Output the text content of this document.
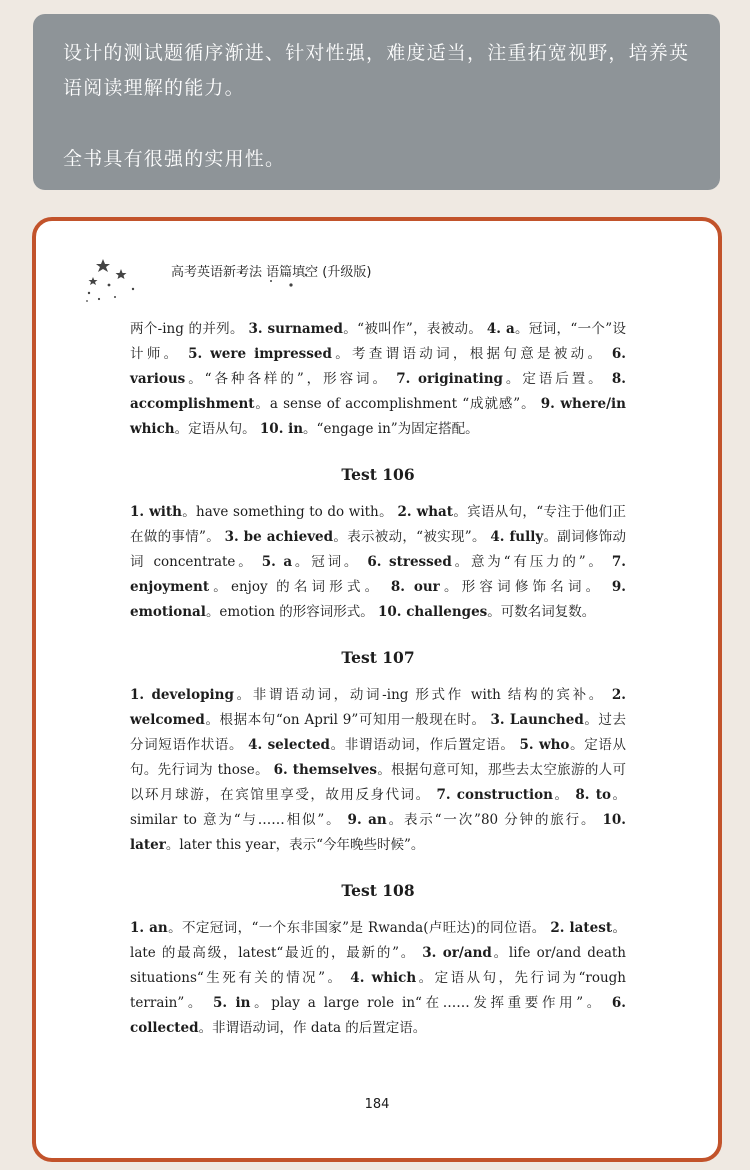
设计的测试题循序渐进、针对性强，难度适当，注重拓宽视野，培养英语阅读理解的能力。

全书具有很强的实用性。

高考英语新考法 语篇填空 (升级版)

两个-ing 的并列。 3. surnamed。“被叫作”，表被动。 4. a。冠词，“一个”设计师。 5. were impressed。考查谓语动词，根据句意是被动。 6. various。“各种各样的”，形容词。 7. originating。定语后置。 8. accomplishment。a sense of accomplishment “成就感”。 9. where/in which。定语从句。 10. in。“engage in”为固定搭配。

Test 106

1. with。have something to do with。 2. what。宾语从句，“专注于他们正在做的事情”。 3. be achieved。表示被动，“被实现”。 4. fully。副词修饰动词 concentrate。 5. a。冠词。 6. stressed。意为“有压力的”。 7. enjoyment。enjoy 的名词形式。 8. our。形容词修饰名词。 9. emotional。emotion 的形容词形式。 10. challenges。可数名词复数。

Test 107

1. developing。非谓语动词，动词-ing 形式作 with 结构的宾补。 2. welcomed。根据本句“on April 9”可知用一般现在时。 3. Launched。过去分词短语作状语。 4. selected。非谓语动词，作后置定语。 5. who。定语从句。先行词为 those。 6. themselves。根据句意可知，那些去太空旅游的人可以环月球游，在宾馆里享受，故用反身代词。 7. construction。 8. to。similar to 意为“与……相似”。 9. an。表示“一次”80 分钟的旅行。 10. later。later this year，表示“今年晚些时候”。

Test 108

1. an。不定冠词，“一个东非国家”是 Rwanda(卢旺达)的同位语。 2. latest。late 的最高级，latest“最近的，最新的”。 3. or/and。life or/and death situations“生死有关的情况”。 4. which。定语从句，先行词为“rough terrain”。 5. in。play a large role in“在……发挥重要作用”。 6. collected。非谓语动词，作 data 的后置定语。

184
